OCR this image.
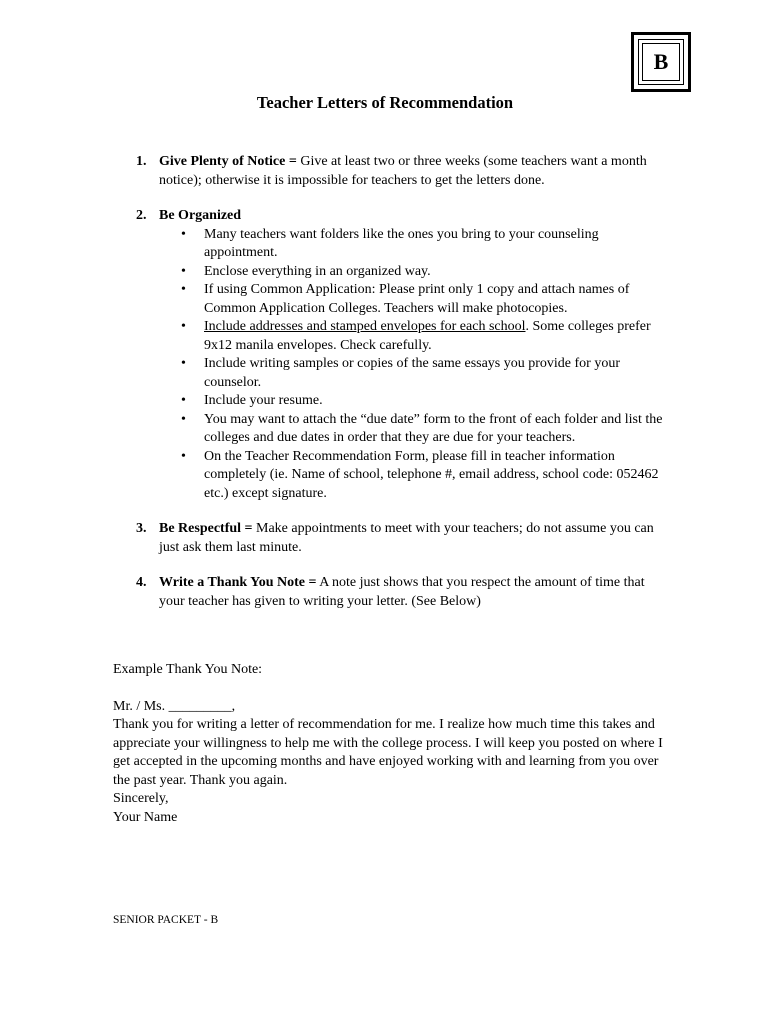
B
Teacher Letters of Recommendation
1. Give Plenty of Notice = Give at least two or three weeks (some teachers want a month notice); otherwise it is impossible for teachers to get the letters done.
2. Be Organized
• Many teachers want folders like the ones you bring to your counseling appointment.
• Enclose everything in an organized way.
• If using Common Application: Please print only 1 copy and attach names of Common Application Colleges. Teachers will make photocopies.
• Include addresses and stamped envelopes for each school. Some colleges prefer 9x12 manila envelopes. Check carefully.
• Include writing samples or copies of the same essays you provide for your counselor.
• Include your resume.
• You may want to attach the “due date” form to the front of each folder and list the colleges and due dates in order that they are due for your teachers.
• On the Teacher Recommendation Form, please fill in teacher information completely (ie. Name of school, telephone #, email address, school code: 052462 etc.) except signature.
3. Be Respectful = Make appointments to meet with your teachers; do not assume you can just ask them last minute.
4. Write a Thank You Note = A note just shows that you respect the amount of time that your teacher has given to writing your letter. (See Below)
Example Thank You Note:
Mr. / Ms. _________,
Thank you for writing a letter of recommendation for me. I realize how much time this takes and appreciate your willingness to help me with the college process. I will keep you posted on where I get accepted in the upcoming months and have enjoyed working with and learning from you over the past year. Thank you again.
Sincerely,
Your Name
SENIOR PACKET - B
